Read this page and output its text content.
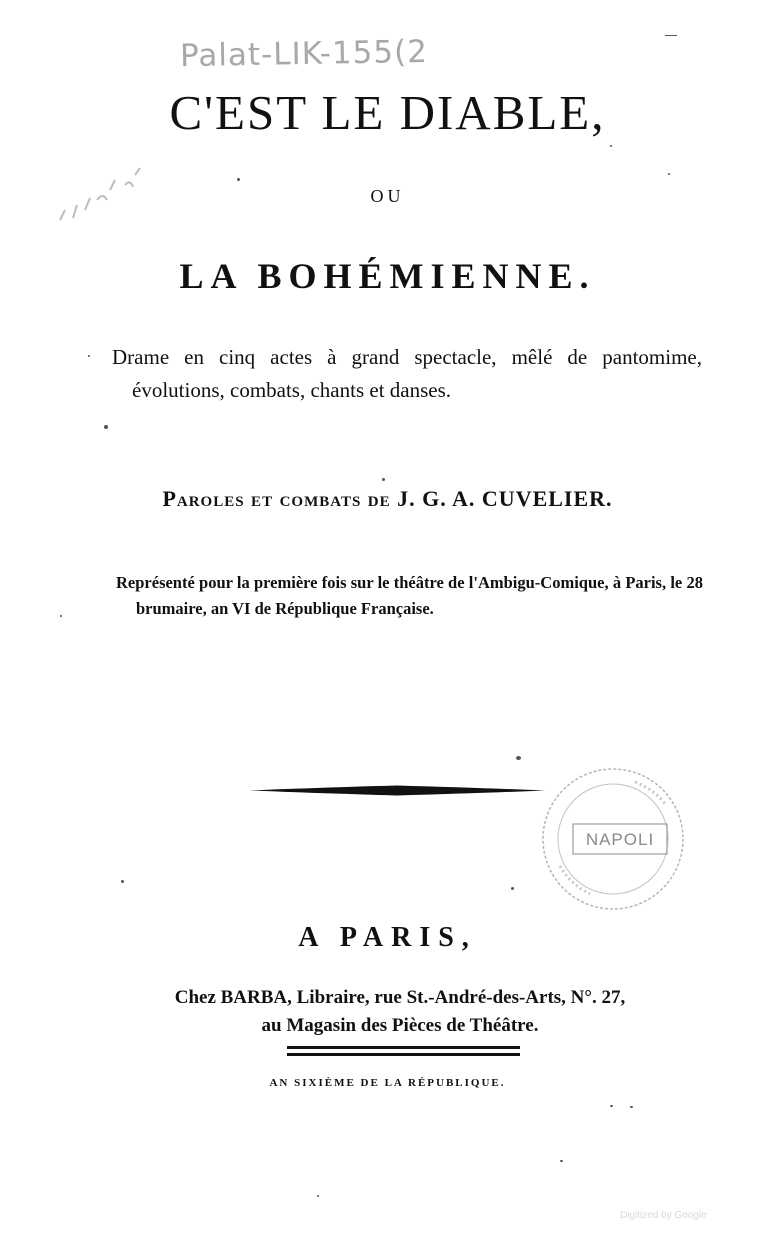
Palat-LIK-155(2
C'EST LE DIABLE,
OU
LA BOHÉMIENNE.

Drame en cinq actes à grand spectacle, mêlé de pantomime, évolutions, combats, chants et danses.

Paroles et combats de J. G. A. CUVELIER.

Représenté pour la première fois sur le théâtre de l'Ambigu-Comique, à Paris, le 28 brumaire, an VI de République Française.

NAPOLI
A PARIS,
Chez BARBA, Libraire, rue St.-André-des-Arts, N°. 27,
au Magasin des Pièces de Théâtre.
AN SIXIÈME DE LA RÉPUBLIQUE.
Digitized by Google
